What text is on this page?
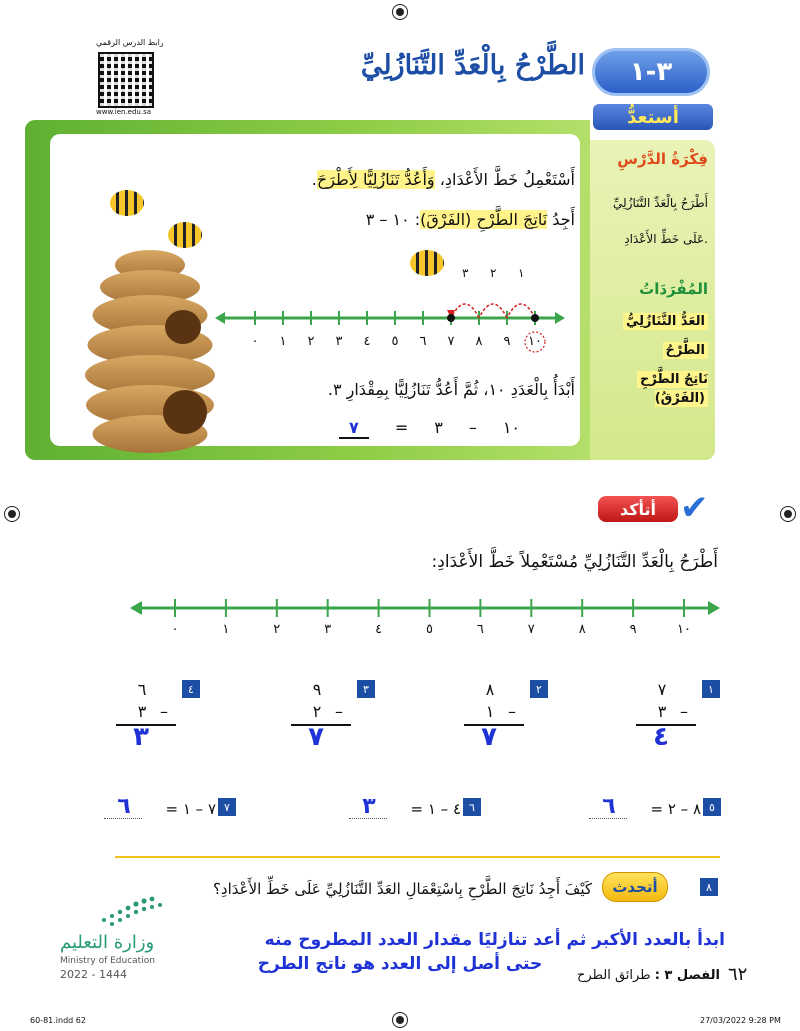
رابط الدرس الرقمي
www.ien.edu.sa
٣-١
الطَّرْحُ بِالْعَدِّ التَّنَازُلِيِّ
أستعدُّ
فِكْرَةُ الدَّرْسِ
أَطْرَحُ بِالْعَدِّ التَّنَازُلِيِّ
عَلَى خَطِّ الأَعْدَادِ.
المُفْرَدَاتُ
العَدُّ التَّنَازُلِيُّ
الطَّرْحُ
نَاتِجُ الطَّرْحِ (الفَرْقُ)
أَسْتَعْمِلُ خَطَّ الأَعْدَادِ، وَأَعُدُّ تَنَازُلِيًّا لِأَطْرَحَ.
أَجِدُ نَاتِجَ الطَّرْحِ (الفَرْقَ): ١٠ – ٣
١
٢
٣
٠	١	٢	٣	٤	٥	٦	٧	٨	٩	١٠
أَبْدَأُ بِالْعَدَدِ ١٠، ثُمَّ أَعُدُّ تَنَازُلِيًّا بِمِقْدَارِ ٣.
١٠
–
٣
=
٧
أتأكد ✔
أَطْرَحُ بِالْعَدِّ التَّنَازُلِيِّ مُسْتَعْمِلاً خَطَّ الأَعْدَادِ:
٠	١	٢	٣	٤	٥	٦	٧	٨	٩	١٠
١
٧
٣ –
٤
٢
٨
١ –
٧
٣
٩
٢ –
٧
٤
٦
٣ –
٣
٥
٨ – ٢ =
٦
٦
٤ – ١ =
٣
٧
٧ – ١ =
٦
٨
أتحدث
كَيْفَ أَجِدُ نَاتِجَ الطَّرْحِ بِاسْتِعْمَالِ العَدِّ التَّنَازُلِيِّ عَلَى خَطِّ الأَعْدَادِ؟
ابدأ بالعدد الأكبر ثم أعد تنازليًا مقدار العدد المطروح منه
حتى أصل إلى العدد هو ناتج الطرح
وزارة التعليم
Ministry of Education
2022 - 1444	الفصل ٣ : طرائق الطرح	٦٢
60-81.indd 62	27/03/2022 9:28 PM
